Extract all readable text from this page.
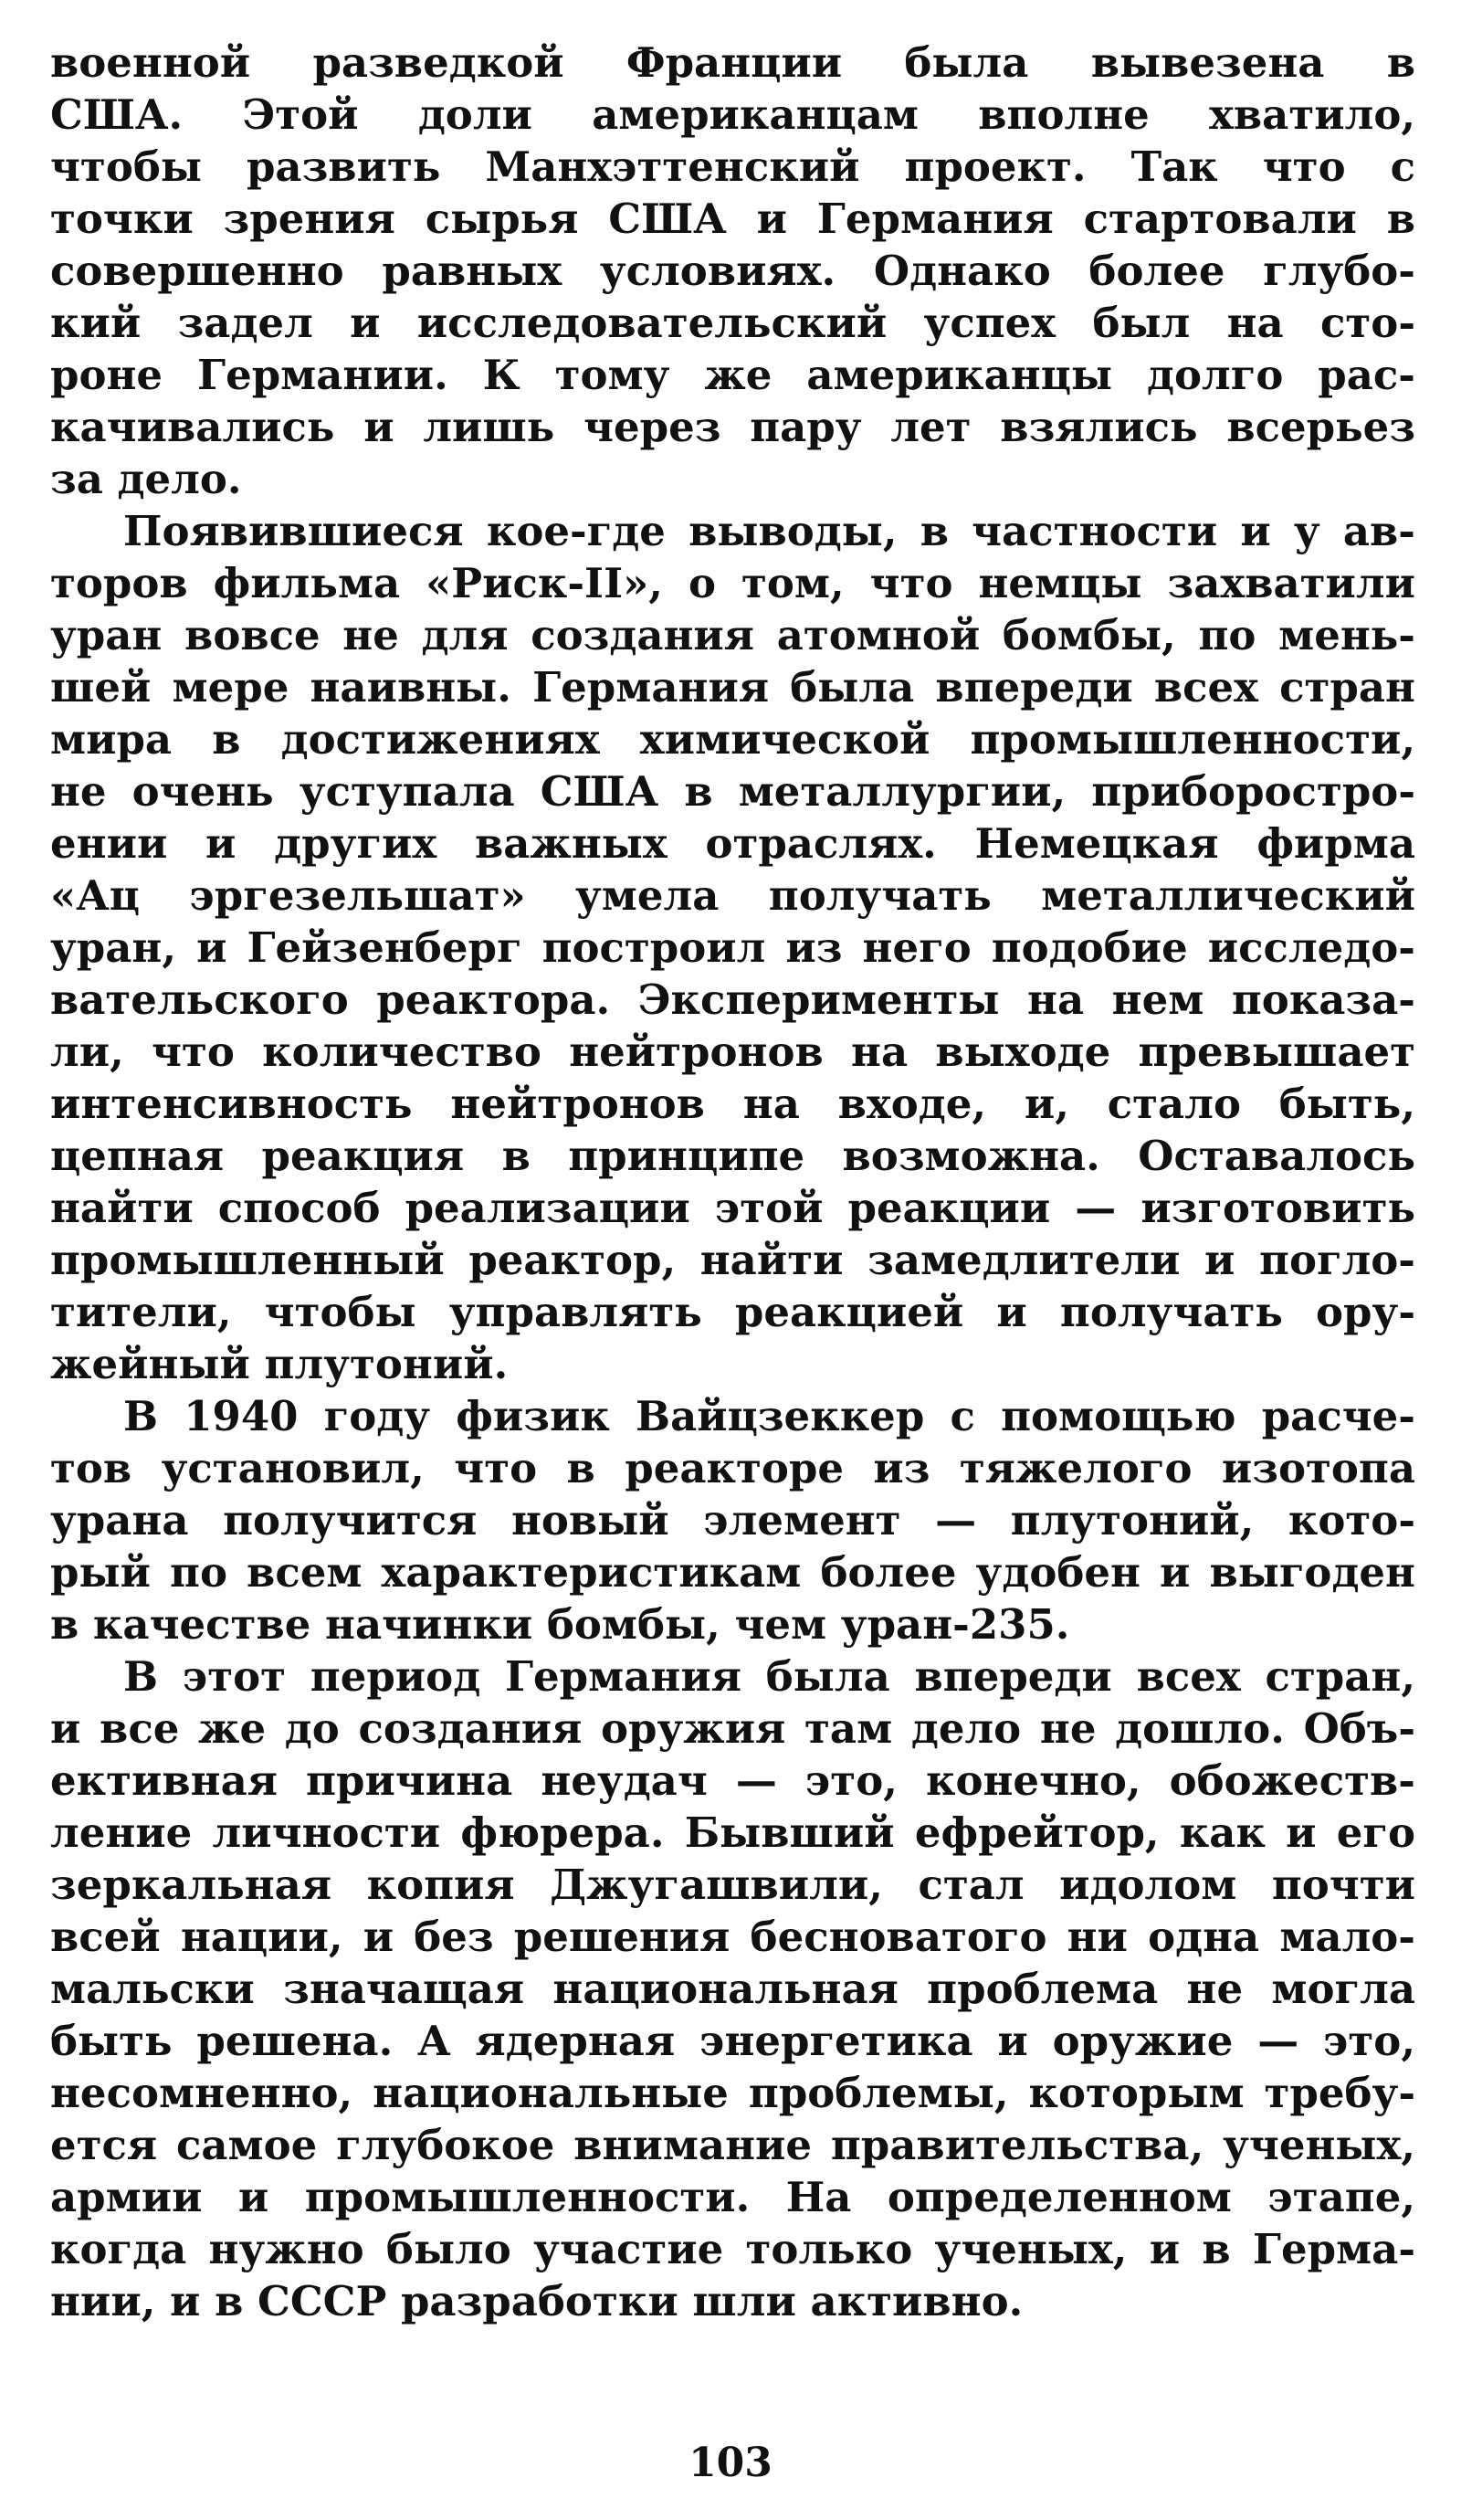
военной разведкой Франции была вывезена в
США. Этой доли американцам вполне хватило,
чтобы развить Манхэттенский проект. Так что с
точки зрения сырья США и Германия стартовали в
совершенно равных условиях. Однако более глубо-
кий задел и исследовательский успех был на сто-
роне Германии. К тому же американцы долго рас-
качивались и лишь через пару лет взялись всерьез
за дело.
Появившиеся кое-где выводы, в частности и у ав-
торов фильма «Риск-II», о том, что немцы захватили
уран вовсе не для создания атомной бомбы, по мень-
шей мере наивны. Германия была впереди всех стран
мира в достижениях химической промышленности,
не очень уступала США в металлургии, приборостро-
ении и других важных отраслях. Немецкая фирма
«Ац эргезельшат» умела получать металлический
уран, и Гейзенберг построил из него подобие исследо-
вательского реактора. Эксперименты на нем показа-
ли, что количество нейтронов на выходе превышает
интенсивность нейтронов на входе, и, стало быть,
цепная реакция в принципе возможна. Оставалось
найти способ реализации этой реакции — изготовить
промышленный реактор, найти замедлители и погло-
тители, чтобы управлять реакцией и получать ору-
жейный плутоний.
В 1940 году физик Вайцзеккер с помощью расче-
тов установил, что в реакторе из тяжелого изотопа
урана получится новый элемент — плутоний, кото-
рый по всем характеристикам более удобен и выгоден
в качестве начинки бомбы, чем уран-235.
В этот период Германия была впереди всех стран,
и все же до создания оружия там дело не дошло. Объ-
ективная причина неудач — это, конечно, обожеств-
ление личности фюрера. Бывший ефрейтор, как и его
зеркальная копия Джугашвили, стал идолом почти
всей нации, и без решения бесноватого ни одна мало-
мальски значащая национальная проблема не могла
быть решена. А ядерная энергетика и оружие — это,
несомненно, национальные проблемы, которым требу-
ется самое глубокое внимание правительства, ученых,
армии и промышленности. На определенном этапе,
когда нужно было участие только ученых, и в Герма-
нии, и в СССР разработки шли активно.
103
